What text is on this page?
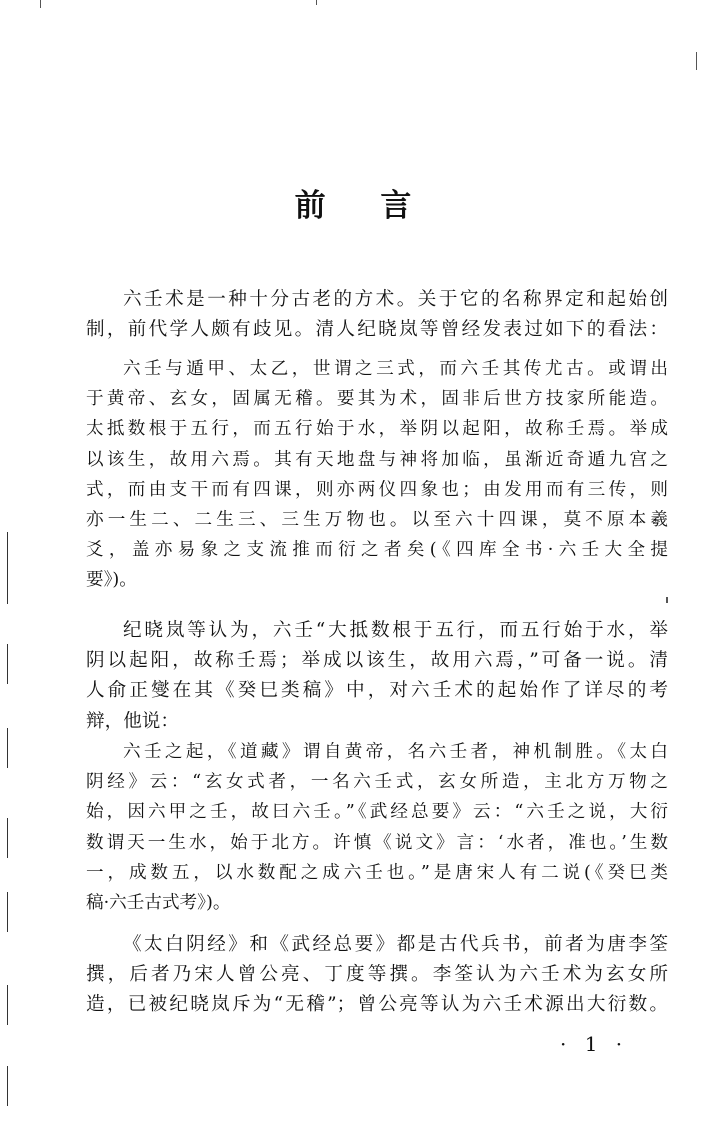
前 言
六壬术是一种十分古老的方术。关于它的名称界定和起始创
制，前代学人颇有歧见。清人纪晓岚等曾经发表过如下的看法：
六壬与遁甲、太乙，世谓之三式，而六壬其传尤古。或谓出
于黄帝、玄女，固属无稽。要其为术，固非后世方技家所能造。
太抵数根于五行，而五行始于水，举阴以起阳，故称壬焉。举成
以该生，故用六焉。其有天地盘与神将加临，虽渐近奇遁九宫之
式，而由支干而有四课，则亦两仪四象也；由发用而有三传，则
亦一生二、二生三、三生万物也。以至六十四课，莫不原本羲
爻，盖亦易象之支流推而衍之者矣(《四库全书·六壬大全提
要》)。
纪晓岚等认为，六壬“大抵数根于五行，而五行始于水，举
阴以起阳，故称壬焉；举成以该生，故用六焉，”可备一说。清
人俞正燮在其《癸巳类稿》中，对六壬术的起始作了详尽的考
辩，他说：
六壬之起，《道藏》谓自黄帝，名六壬者，神机制胜。《太白
阴经》云：“玄女式者，一名六壬式，玄女所造，主北方万物之
始，因六甲之壬，故曰六壬。”《武经总要》云：“六壬之说，大衍
数谓天一生水，始于北方。许慎《说文》言：‘水者，准也。’生数
一，成数五，以水数配之成六壬也。”是唐宋人有二说(《癸巳类
稿·六壬古式考》)。
《太白阴经》和《武经总要》都是古代兵书，前者为唐李筌
撰，后者乃宋人曾公亮、丁度等撰。李筌认为六壬术为玄女所
造，已被纪晓岚斥为“无稽”；曾公亮等认为六壬术源出大衍数。
· 1 ·
